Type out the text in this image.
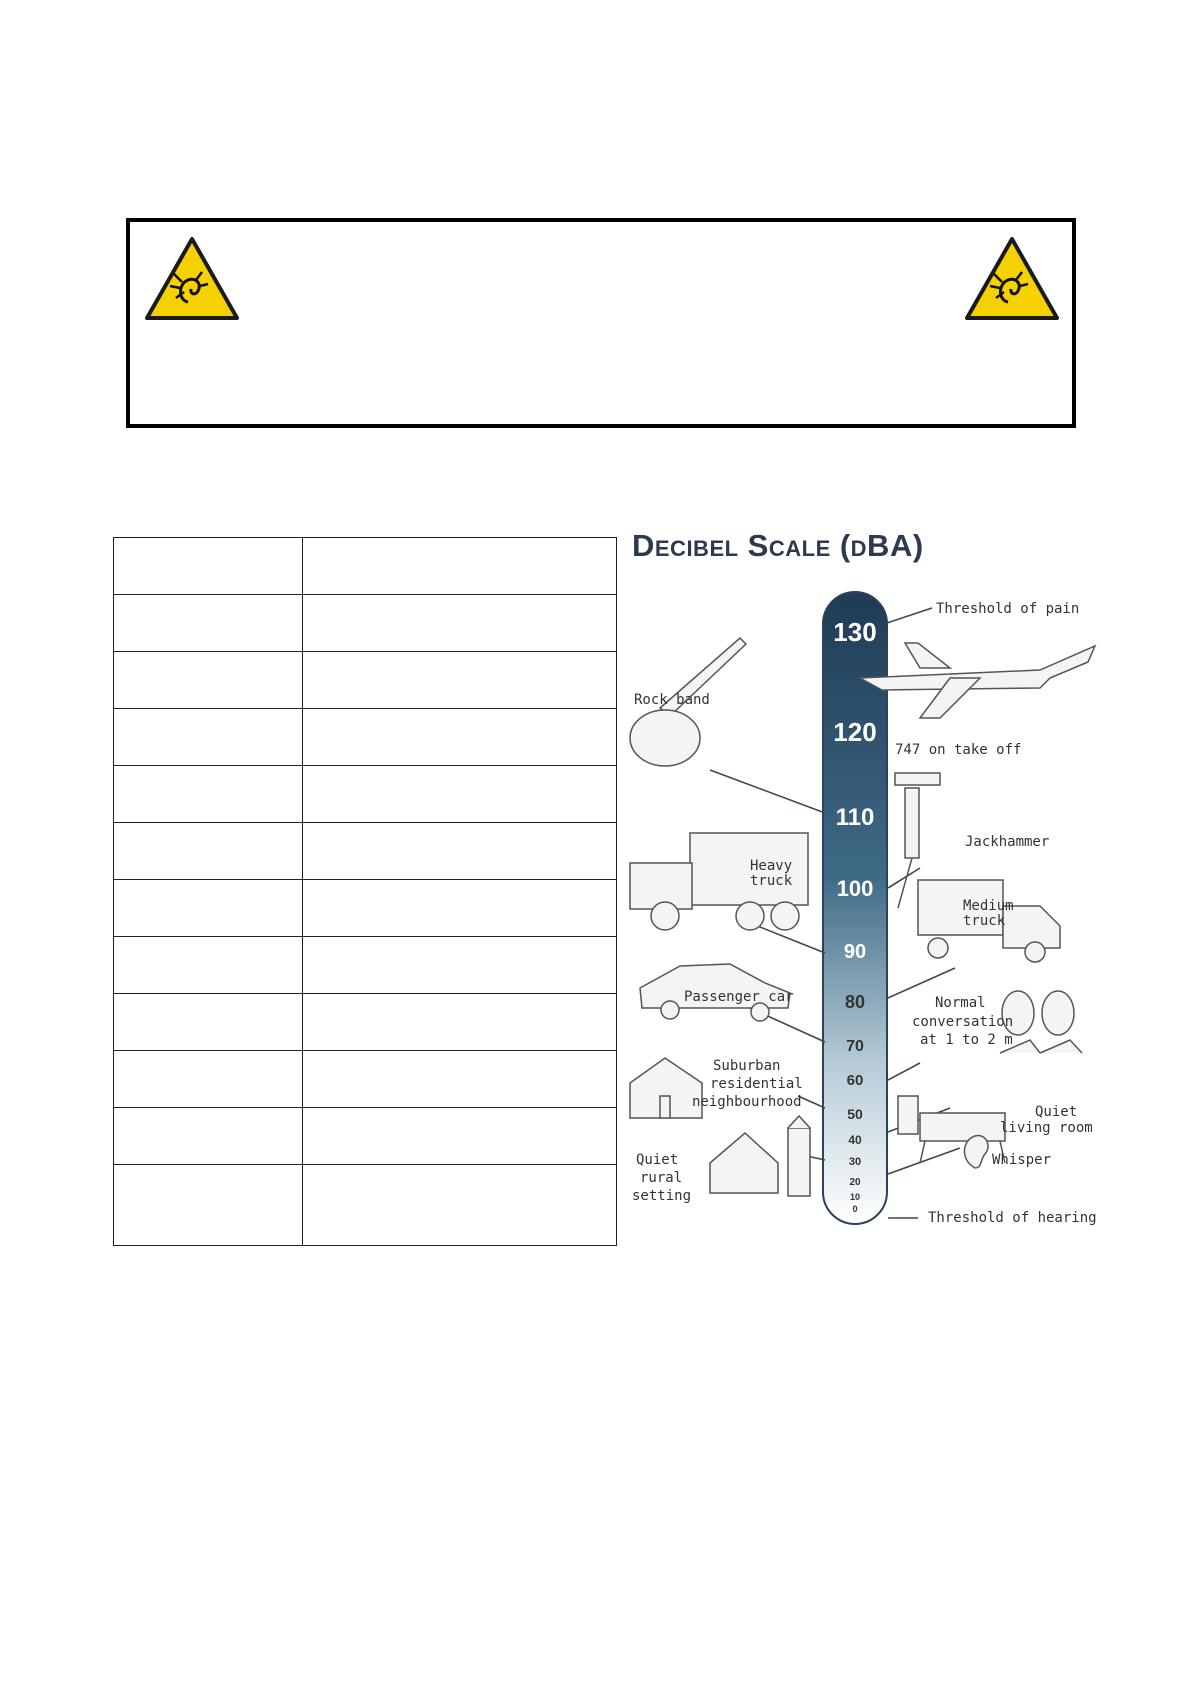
Decibel Scale (dBA)
130
120
110
100
90
80
70
60
50
40
30
20
10
0
Threshold of pain
747 on take off
Rock band
Jackhammer
Heavy
truck
Medium
truck
Passenger car	Normal
conversation
at 1 to 2 m
Suburban
residential
neighbourhood
Quiet
living room
Quiet
rural
setting
Whisper
Threshold of hearing
